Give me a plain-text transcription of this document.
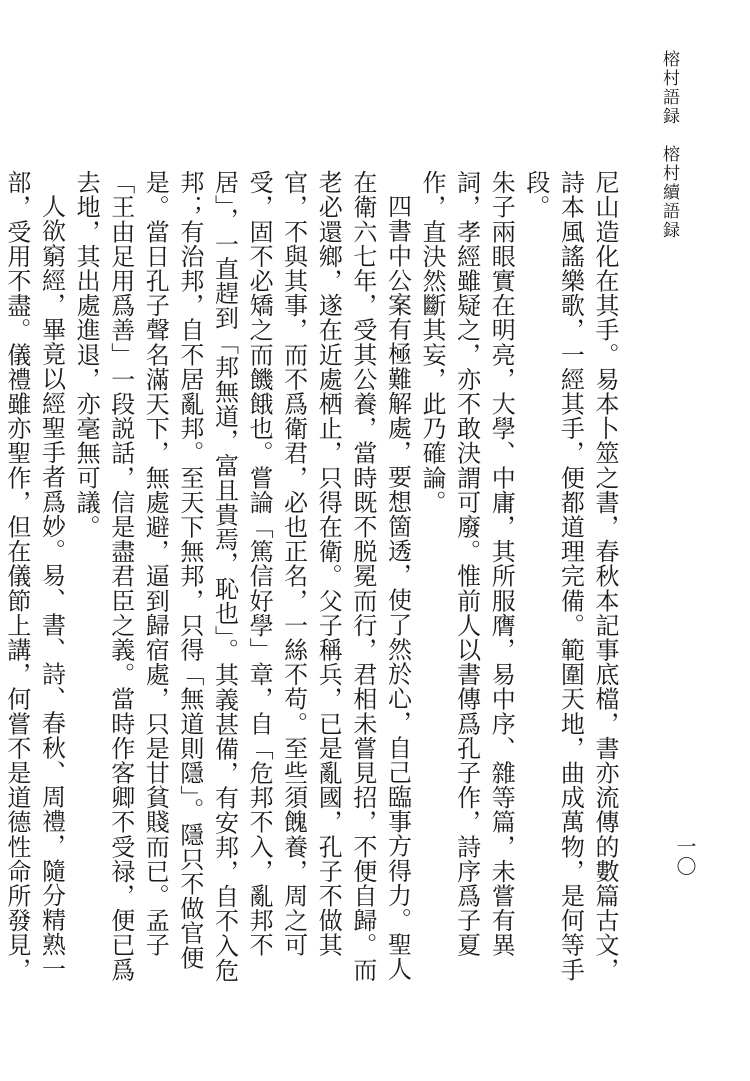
榕村語録　榕村續語録
一〇

尼山造化在其手。易本卜筮之書，春秋本記事底檔，書亦流傳的數篇古文，詩本風謠樂歌，一經其手，便都道理完備。範圍天地，曲成萬物，是何等手段。

朱子兩眼實在明亮，大學、中庸，其所服膺，易中序、雜等篇，未嘗有異詞，孝經雖疑之，亦不敢決謂可廢。惟前人以書傳爲孔子作，詩序爲子夏作，直決然斷其妄，此乃確論。

四書中公案有極難解處，要想箇透，使了然於心，自己臨事方得力。聖人在衛六七年，受其公養，當時既不脱冕而行，君相未嘗見招，不便自歸。而老必還鄉，遂在近處栖止，只得在衛。父子稱兵，已是亂國，孔子不做其官，不與其事，而不爲衛君，必也正名，一絲不苟。至些須餽養，周之可受，固不必矯之而饑餓也。嘗論「篤信好學」章，自「危邦不入，亂邦不居」，一直趕到「邦無道，富且貴焉，恥也」。其義甚備，有安邦，自不入危邦；有治邦，自不居亂邦。至天下無邦，只得「無道則隱」。隱只不做官便是。當日孔子聲名滿天下，無處避，逼到歸宿處，只是甘貧賤而已。孟子「王由足用爲善」一段説話，信是盡君臣之義。當時作客卿不受禄，便已爲去地，其出處進退，亦毫無可議。

人欲窮經，畢竟以經聖手者爲妙。易、書、詩、春秋、周禮，隨分精熟一部，受用不盡。儀禮雖亦聖作，但在儀節上講，何嘗不是道德性命所發見，
